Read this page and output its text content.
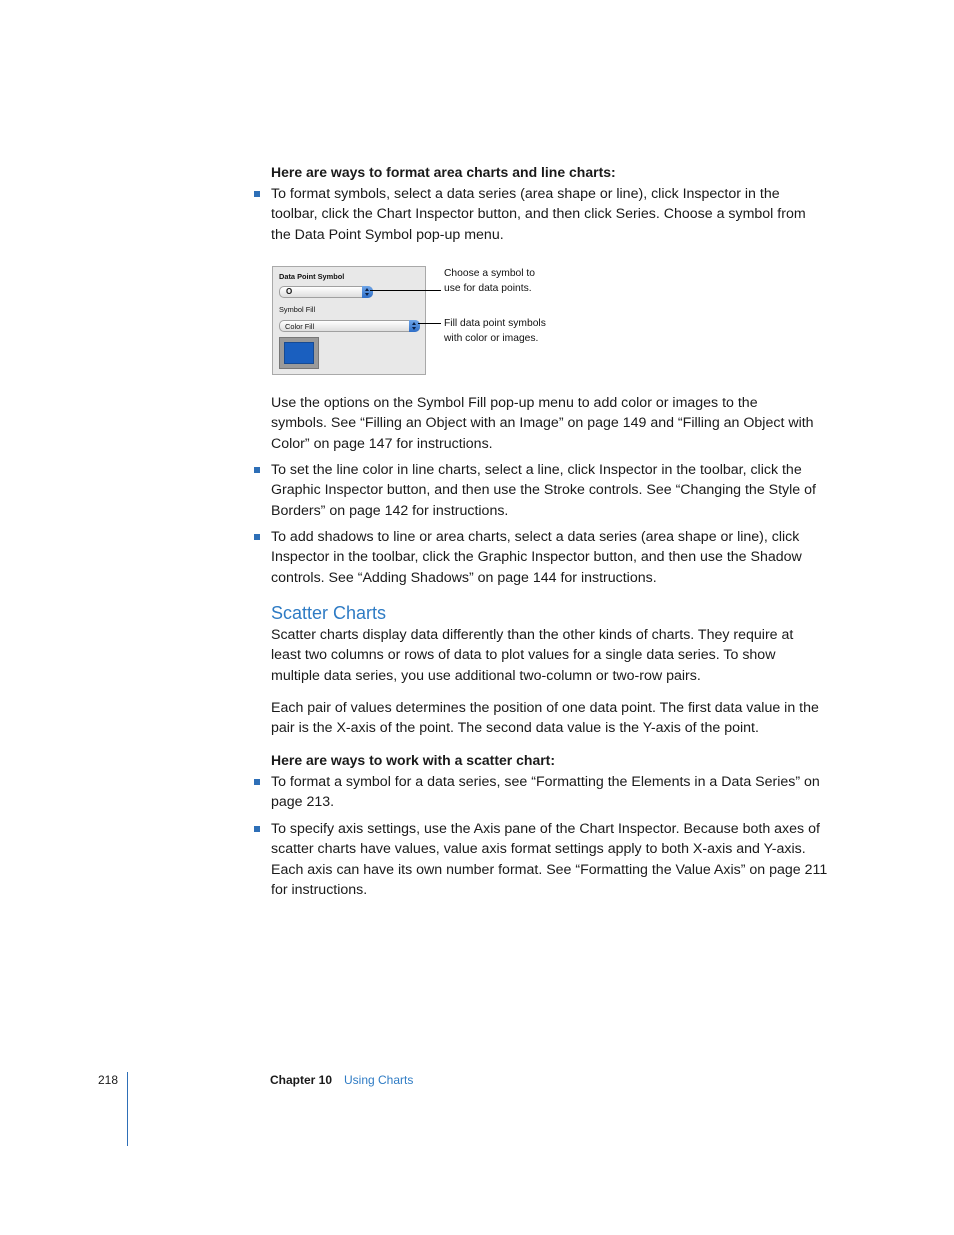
Here are ways to format area charts and line charts:
To format symbols, select a data series (area shape or line), click Inspector in the
toolbar, click the Chart Inspector button, and then click Series. Choose a symbol from
the Data Point Symbol pop-up menu.
Data Point Symbol
O
Symbol Fill
Color Fill
Choose a symbol to
use for data points.
Fill data point symbols
with color or images.
Use the options on the Symbol Fill pop-up menu to add color or images to the
symbols. See “Filling an Object with an Image” on page 149 and “Filling an Object with
Color” on page 147 for instructions.
To set the line color in line charts, select a line, click Inspector in the toolbar, click the
Graphic Inspector button, and then use the Stroke controls. See “Changing the Style of
Borders” on page 142 for instructions.
To add shadows to line or area charts, select a data series (area shape or line), click
Inspector in the toolbar, click the Graphic Inspector button, and then use the Shadow
controls. See “Adding Shadows” on page 144 for instructions.
Scatter Charts
Scatter charts display data differently than the other kinds of charts. They require at
least two columns or rows of data to plot values for a single data series. To show
multiple data series, you use additional two-column or two-row pairs.
Each pair of values determines the position of one data point. The first data value in the
pair is the X-axis of the point. The second data value is the Y-axis of the point.
Here are ways to work with a scatter chart:
To format a symbol for a data series, see “Formatting the Elements in a Data Series” on
page 213.
To specify axis settings, use the Axis pane of the Chart Inspector. Because both axes of
scatter charts have values, value axis format settings apply to both X-axis and Y-axis.
Each axis can have its own number format. See “Formatting the Value Axis” on page 211
for instructions.
218	Chapter 10 Using Charts
